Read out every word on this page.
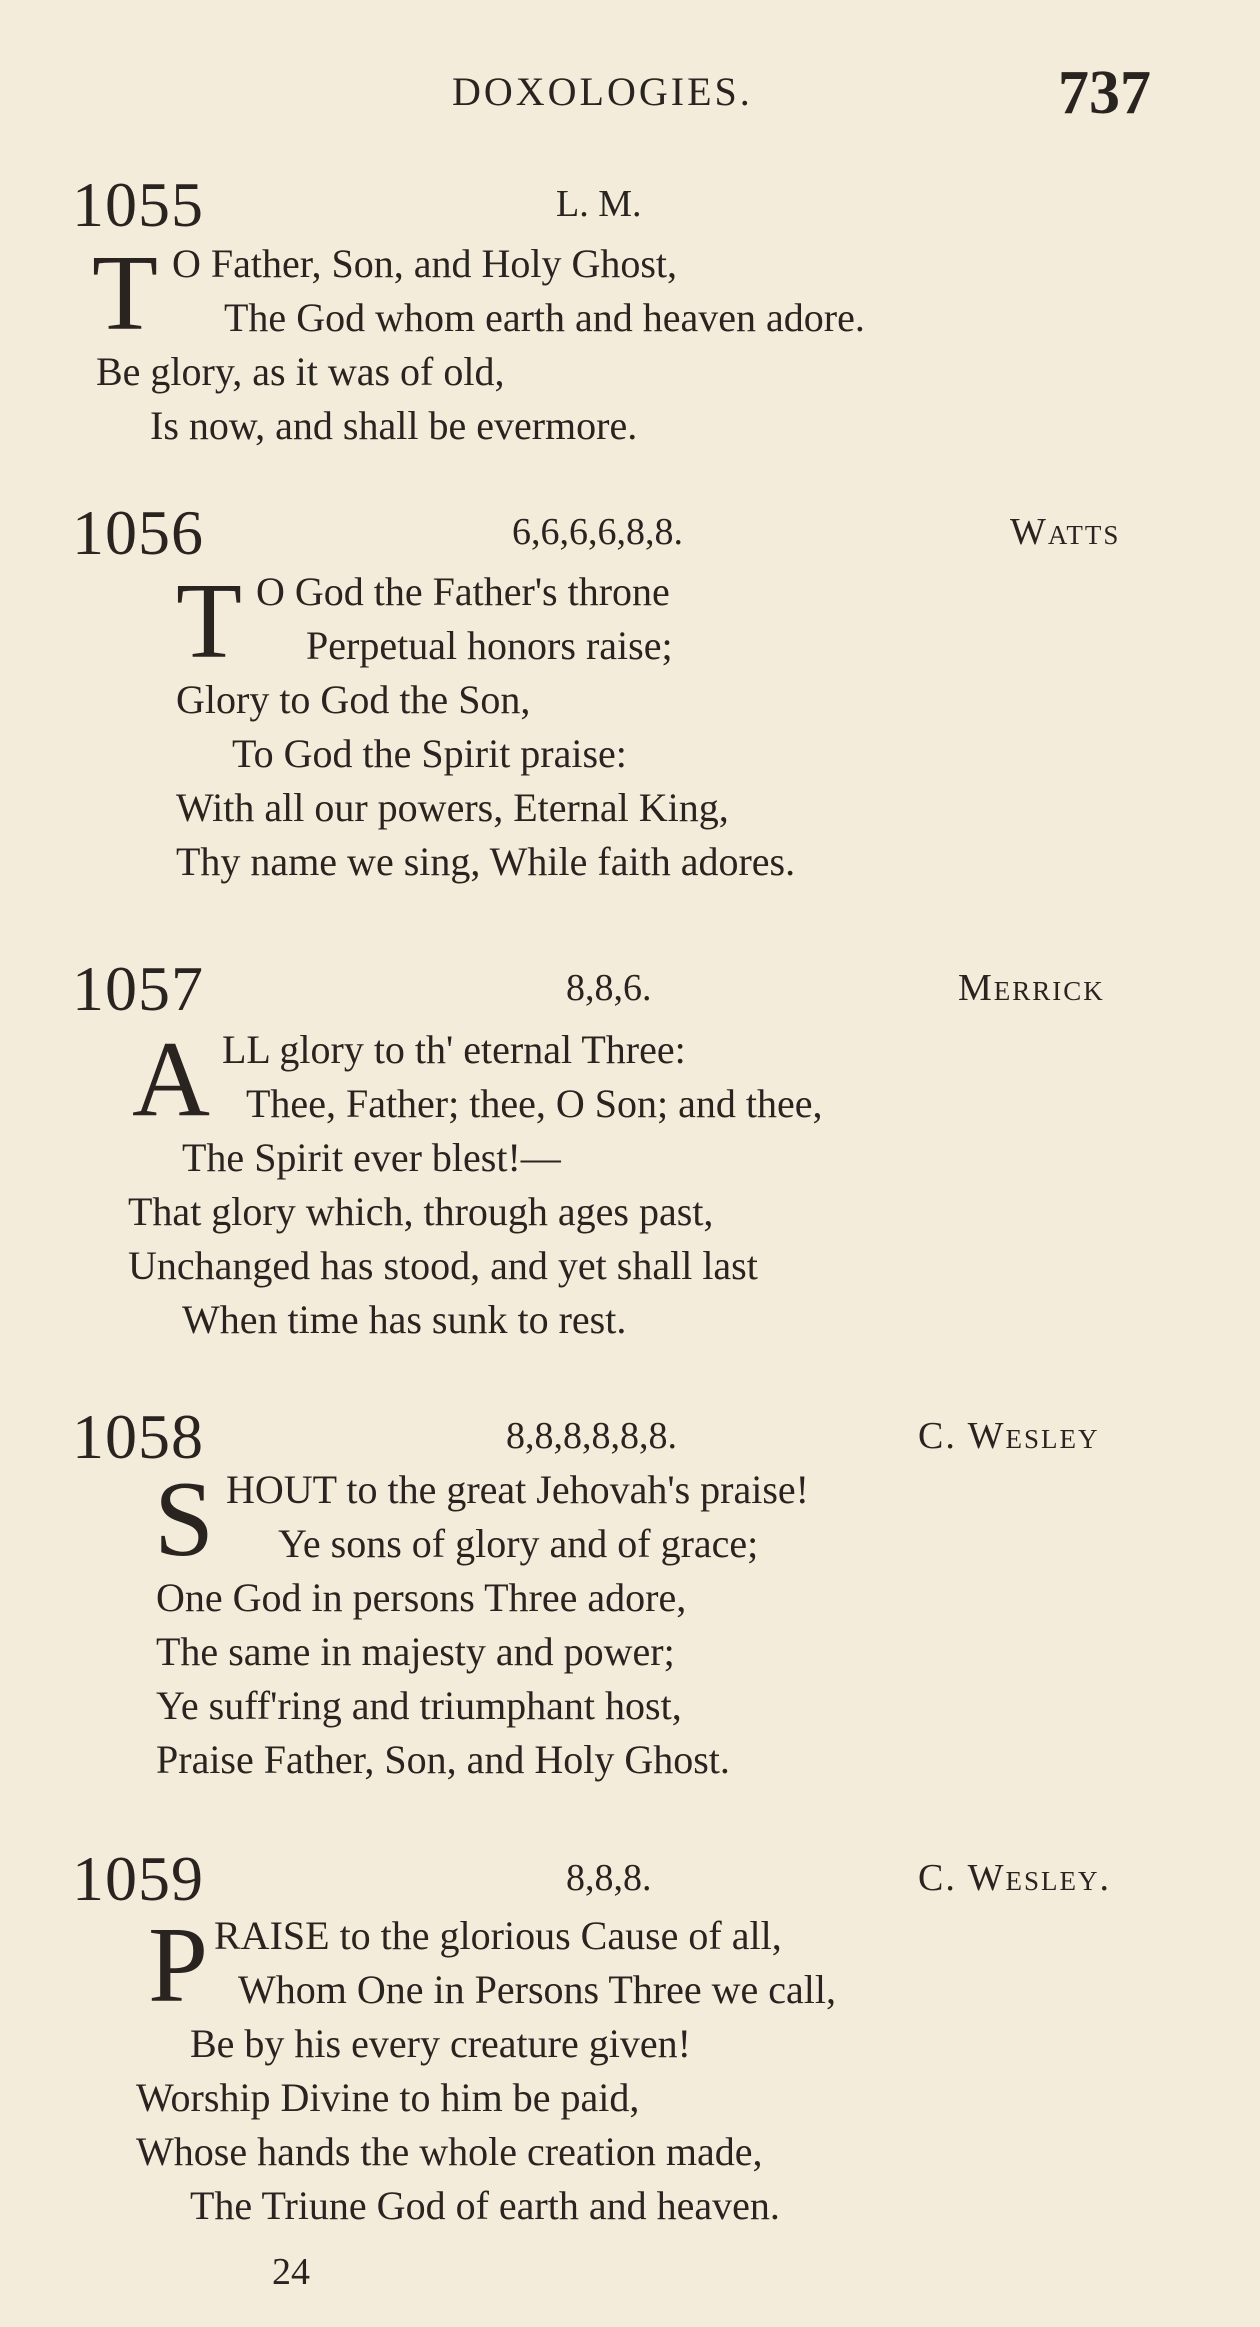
DOXOLOGIES.	737
1055	L. M.
T O Father, Son, and Holy Ghost,
The God whom earth and heaven adore.
Be glory, as it was of old,
Is now, and shall be evermore.
1056	6,6,6,6,8,8.	Watts
T O God the Father's throne
Perpetual honors raise;
Glory to God the Son,
To God the Spirit praise:
With all our powers, Eternal King,
Thy name we sing, While faith adores.
1057	8,8,6.	Merrick
A LL glory to th' eternal Three:
Thee, Father; thee, O Son; and thee,
The Spirit ever blest!—
That glory which, through ages past,
Unchanged has stood, and yet shall last
When time has sunk to rest.
1058	8,8,8,8,8,8.	C. Wesley
S HOUT to the great Jehovah's praise!
Ye sons of glory and of grace;
One God in persons Three adore,
The same in majesty and power;
Ye suff'ring and triumphant host,
Praise Father, Son, and Holy Ghost.
1059	8,8,8.	C. Wesley.
P RAISE to the glorious Cause of all,
Whom One in Persons Three we call,
Be by his every creature given!
Worship Divine to him be paid,
Whose hands the whole creation made,
The Triune God of earth and heaven.
24
